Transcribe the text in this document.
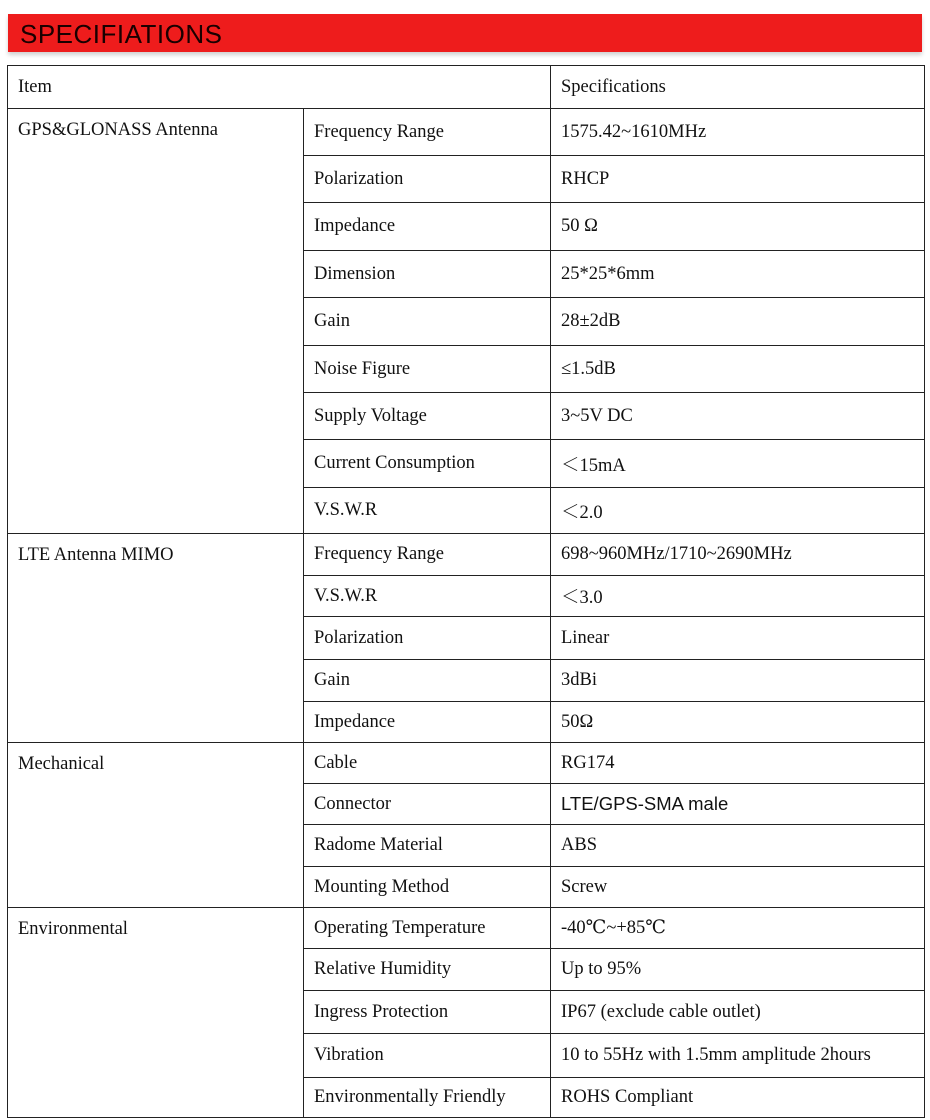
SPECIFIATIONS
Item		Specifications
GPS&GLONASS Antenna	Frequency Range	1575.42~1610MHz
	Polarization	RHCP
	Impedance	50 Ω
	Dimension	25*25*6mm
	Gain	28±2dB
	Noise Figure	≤1.5dB
	Supply Voltage	3~5V DC
	Current Consumption	＜15mA
	V.S.W.R	＜2.0
LTE Antenna MIMO	Frequency Range	698~960MHz/1710~2690MHz
	V.S.W.R	＜3.0
	Polarization	Linear
	Gain	3dBi
	Impedance	50Ω
Mechanical	Cable	RG174
	Connector	LTE/GPS-SMA male
	Radome Material	ABS
	Mounting Method	Screw
Environmental	Operating Temperature	-40℃~+85℃
	Relative Humidity	Up to 95%
	Ingress Protection	IP67 (exclude cable outlet)
	Vibration	10 to 55Hz with 1.5mm amplitude 2hours
	Environmentally Friendly	ROHS Compliant
